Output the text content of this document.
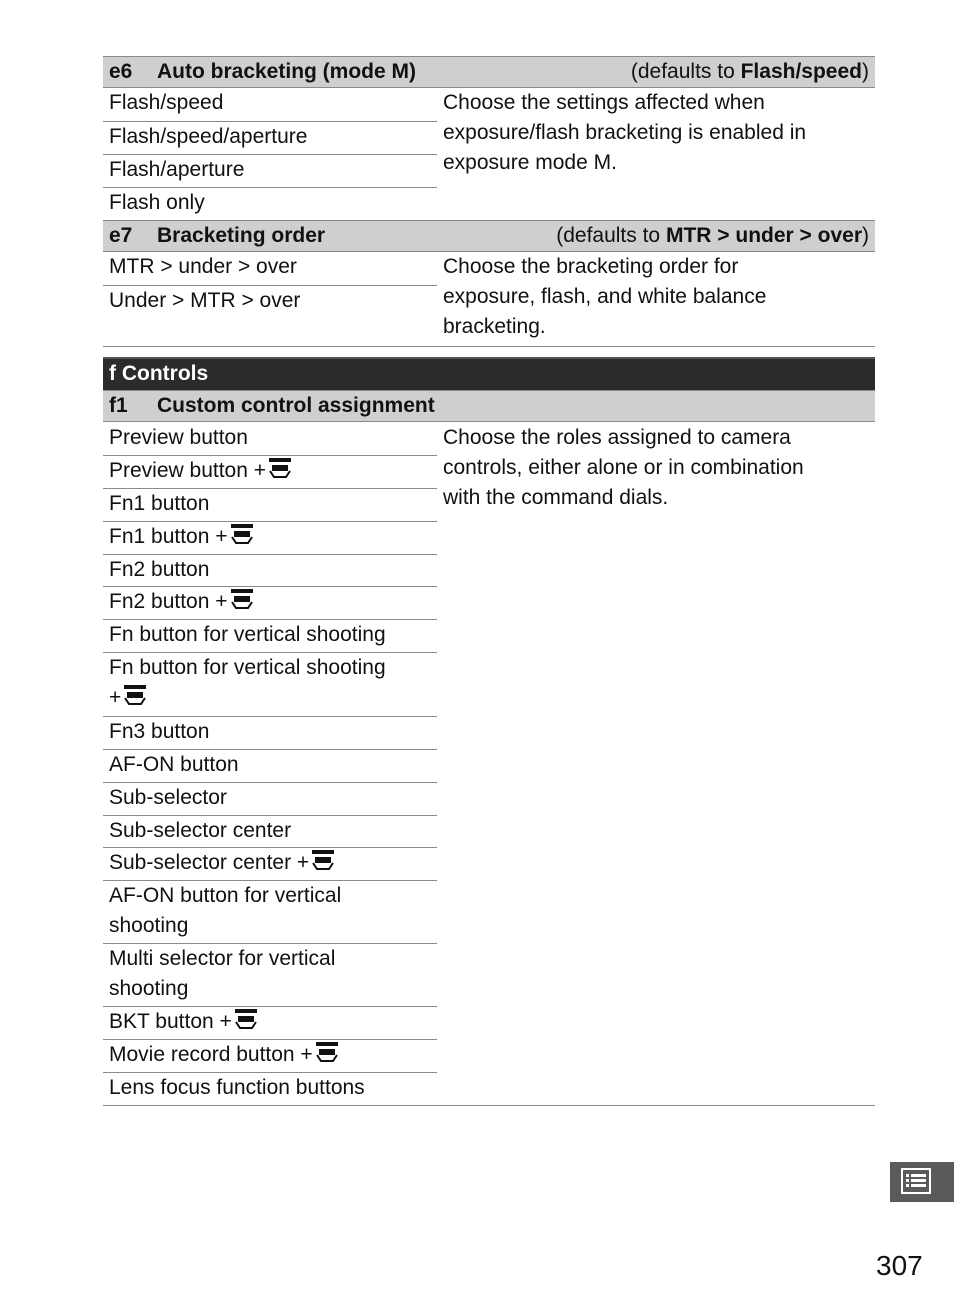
e6 Auto bracketing (mode M)	(defaults to Flash/speed)
Flash/speed
Flash/speed/aperture
Flash/aperture
Flash only
Choose the settings affected when
exposure/flash bracketing is enabled in
exposure mode M.
e7 Bracketing order	(defaults to MTR > under > over)
MTR > under > over
Under > MTR > over
Choose the bracketing order for
exposure, flash, and white balance
bracketing.
f Controls
f1 Custom control assignment
Preview button
Preview button +
Fn1 button
Fn1 button +
Fn2 button
Fn2 button +
Fn button for vertical shooting
Fn button for vertical shooting
+
Fn3 button
AF-ON button
Sub-selector
Sub-selector center
Sub-selector center +
AF-ON button for vertical
shooting
Multi selector for vertical
shooting
BKT button +
Movie record button +
Lens focus function buttons
Choose the roles assigned to camera
controls, either alone or in combination
with the command dials.
307
